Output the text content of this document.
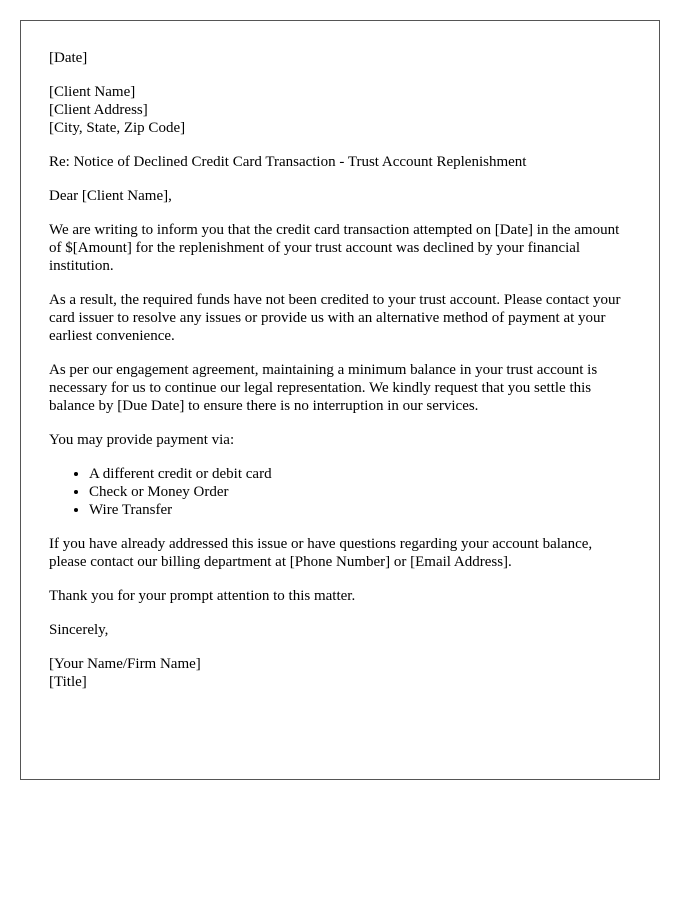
[Date]

[Client Name]
[Client Address]
[City, State, Zip Code]

Re: Notice of Declined Credit Card Transaction - Trust Account Replenishment

Dear [Client Name],

We are writing to inform you that the credit card transaction attempted on [Date] in the amount of $[Amount] for the replenishment of your trust account was declined by your financial institution.

As a result, the required funds have not been credited to your trust account. Please contact your card issuer to resolve any issues or provide us with an alternative method of payment at your earliest convenience.

As per our engagement agreement, maintaining a minimum balance in your trust account is necessary for us to continue our legal representation. We kindly request that you settle this balance by [Due Date] to ensure there is no interruption in our services.

You may provide payment via:

• A different credit or debit card
• Check or Money Order
• Wire Transfer

If you have already addressed this issue or have questions regarding your account balance, please contact our billing department at [Phone Number] or [Email Address].

Thank you for your prompt attention to this matter.

Sincerely,

[Your Name/Firm Name]
[Title]
